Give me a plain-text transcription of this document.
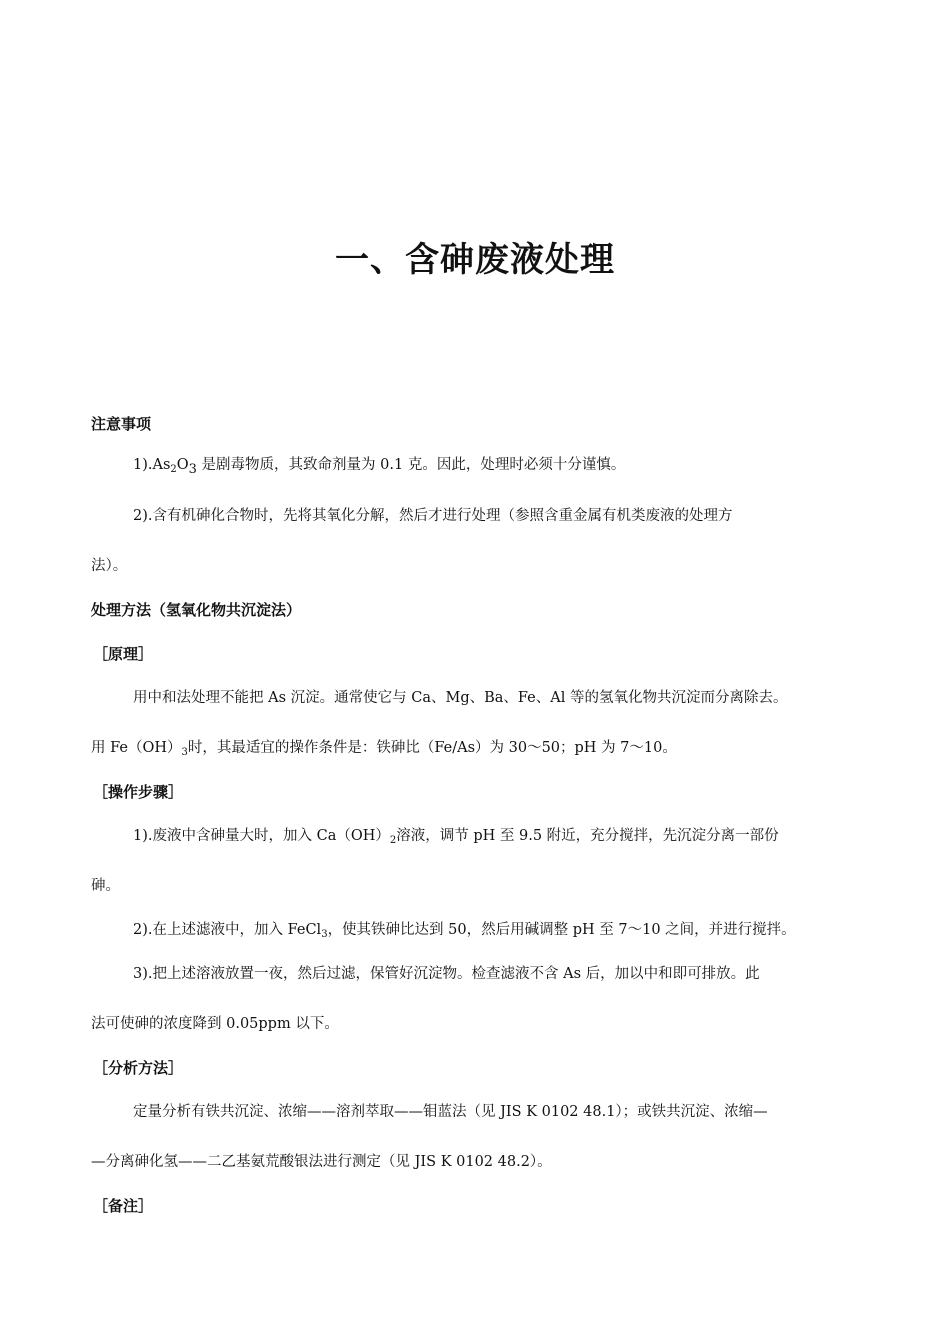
一、含砷废液处理
注意事项
$1).As_2O_3$ 是剧毒物质，其致命剂量为 0.1 克。因此，处理时必须十分谨慎。
2).含有机砷化合物时，先将其氧化分解，然后才进行处理（参照含重金属有机类废液的处理方
法）。
处理方法（氢氧化物共沉淀法）
［原理］
用中和法处理不能把 As 沉淀。通常使它与 Ca、Mg、Ba、Fe、Al 等的氢氧化物共沉淀而分离除去。
用 $Fe(OH)_3$时，其最适宜的操作条件是：铁砷比（Fe/As）为 30～50；pH 为 7～10。
［操作步骤］
1).废液中含砷量大时，加入 $Ca(OH)_2$溶液，调节 pH 至 9.5 附近，充分搅拌，先沉淀分离一部份
砷。
2).在上述滤液中，加入 FeCl$_3$，使其铁砷比达到 50，然后用碱调整 pH 至 7～10 之间，并进行搅拌。
3).把上述溶液放置一夜，然后过滤，保管好沉淀物。检查滤液不含 As 后，加以中和即可排放。此
法可使砷的浓度降到 0.05ppm 以下。
［分析方法］
定量分析有铁共沉淀、浓缩——溶剂萃取——钼蓝法（见 JIS K 0102 48.1）；或铁共沉淀、浓缩—
—分离砷化氢——二乙基氨荒酸银法进行测定（见 JIS K 0102 48.2）。
［备注］
